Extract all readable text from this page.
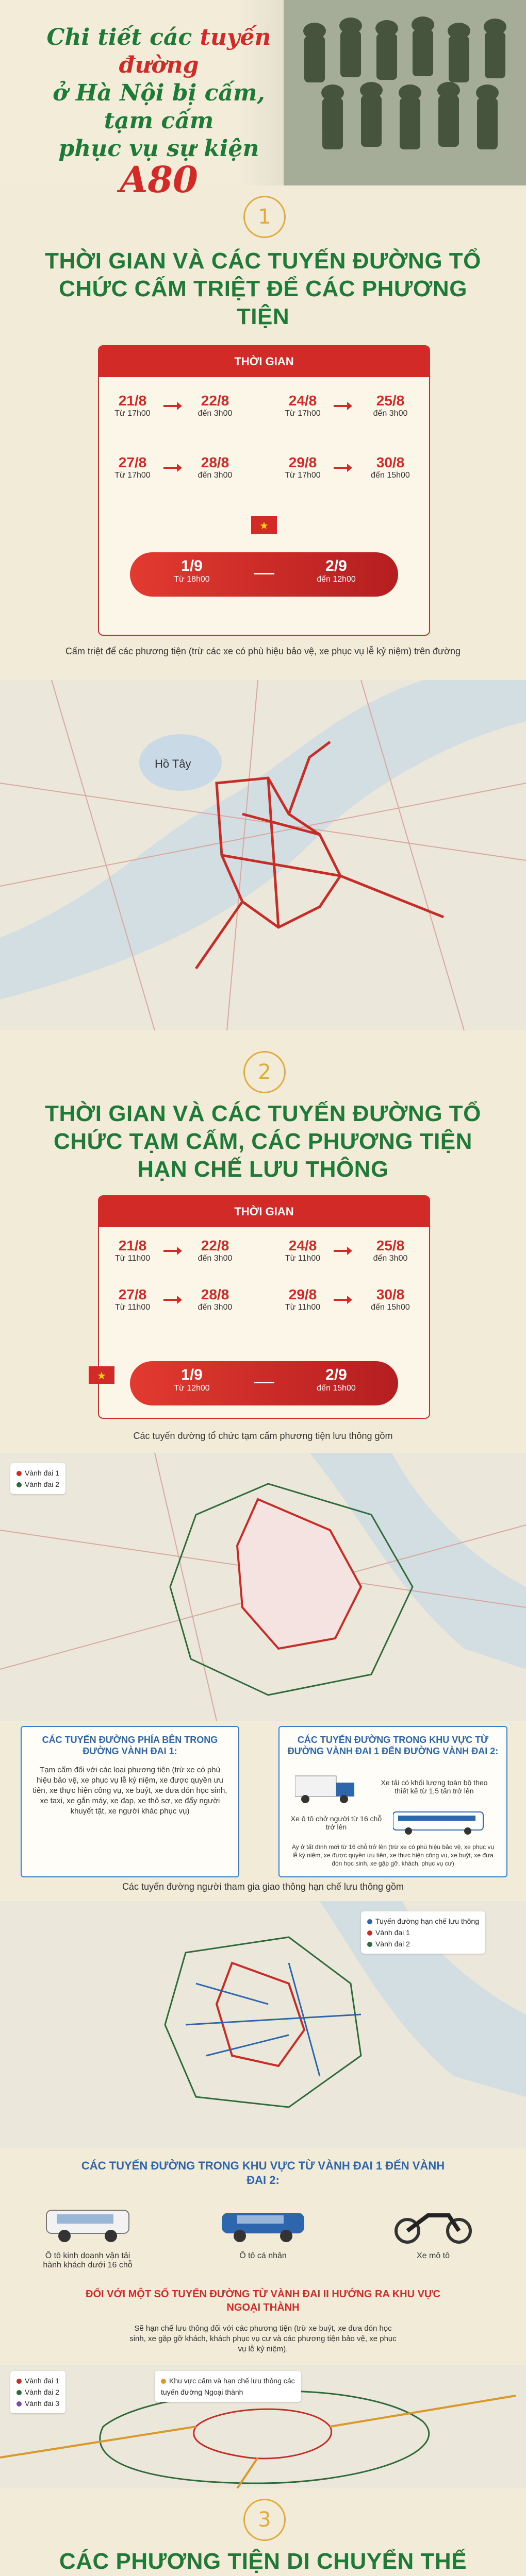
Chi tiết các tuyến đường
ở Hà Nội bị cấm, tạm cấm
phục vụ sự kiện
A80
1
THỜI GIAN VÀ CÁC TUYẾN ĐƯỜNG TỔ CHỨC CẤM TRIỆT ĐỂ CÁC PHƯƠNG TIỆN
THỜI GIAN
21/8
Từ 17h00
22/8
đến 3h00
24/8
Từ 17h00
25/8
đến 3h00
27/8
Từ 17h00
28/8
đến 3h00
29/8
Từ 17h00
30/8
đến 15h00
★
1/9
Từ 18h00
2/9
đến 12h00
Cấm triệt để các phương tiện (trừ các xe có phù hiệu bảo vệ, xe phục vụ lễ kỷ niệm) trên đường
Hồ Tây
2
THỜI GIAN VÀ CÁC TUYẾN ĐƯỜNG TỔ CHỨC TẠM CẤM, CÁC PHƯƠNG TIỆN HẠN CHẾ LƯU THÔNG
THỜI GIAN
21/8
Từ 11h00
22/8
đến 3h00
24/8
Từ 11h00
25/8
đến 3h00
27/8
Từ 11h00
28/8
đến 3h00
29/8
Từ 11h00
30/8
đến 15h00
★	1/9
Từ 12h00
2/9
đến 15h00
Các tuyến đường tổ chức tạm cấm phương tiện lưu thông gồm
Vành đai 1
Vành đai 2
CÁC TUYẾN ĐƯỜNG PHÍA BÊN TRONG ĐƯỜNG VÀNH ĐAI 1:
Tạm cấm đối với các loại phương tiện (trừ xe có phù hiệu bảo vệ, xe phục vụ lễ kỷ niệm, xe được quyền ưu tiên, xe thực hiện công vụ, xe buýt, xe đưa đón học sinh, xe taxi, xe gắn máy, xe đạp, xe thô sơ, xe đẩy người khuyết tật, xe người khác phục vụ)
CÁC TUYẾN ĐƯỜNG TRONG KHU VỰC TỪ ĐƯỜNG VÀNH ĐAI 1 ĐẾN ĐƯỜNG VÀNH ĐAI 2:
Xe tải có khối lượng toàn bộ theo thiết kế từ 1,5 tấn trở lên
Xe ô tô chở người từ 16 chỗ trở lên
Ay ở tất đình mới từ 16 chỗ trở lên (trừ xe có phù hiệu bảo vệ, xe phục vụ lễ kỷ niệm, xe được quyền ưu tiên, xe thực hiện công vụ, xe buýt, xe đưa đón học sinh, xe gặp gỡ, khách, phục vụ cư)
Các tuyến đường người tham gia giao thông hạn chế lưu thông gồm
Tuyến đường hạn chế lưu thông
Vành đai 1
Vành đai 2
CÁC TUYẾN ĐƯỜNG TRONG KHU VỰC TỪ VÀNH ĐAI 1 ĐẾN VÀNH ĐAI 2:
Ô tô kinh doanh vận tải hành khách dưới 16 chỗ
Ô tô cá nhân	Xe mô tô
ĐỐI VỚI MỘT SỐ TUYẾN ĐƯỜNG TỪ VÀNH ĐAI II HƯỚNG RA KHU VỰC NGOẠI THÀNH
Sẽ hạn chế lưu thông đối với các phương tiện (trừ xe buýt, xe đưa đón học sinh, xe gặp gỡ khách, khách phục vụ cư và các phương tiện bảo vệ, xe phục vụ lễ kỷ niệm).
Vành đai 1
Vành đai 2
Vành đai 3
Khu vực cấm và hạn chế lưu thông các tuyến đường Ngoại thành
3
CÁC PHƯƠNG TIỆN DI CHUYỂN THẾ
